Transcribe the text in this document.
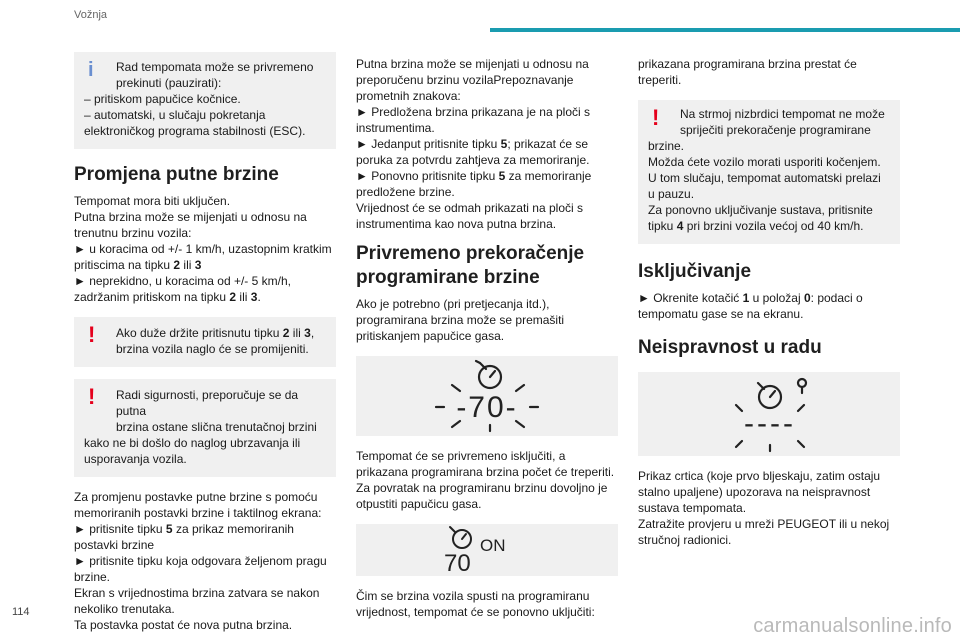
Vožnja
i	Rad tempomata može se privremeno

prekinuti (pauzirati):

– pritiskom papučice kočnice.

– automatski, u slučaju pokretanja

elektroničkog programa stabilnosti (ESC).

Promjena putne brzine

Tempomat mora biti uključen.

Putna brzina može se mijenjati u odnosu na

trenutnu brzinu vozila:

► u koracima od +/- 1 km/h, uzastopnim kratkim

pritiscima na tipku 2 ili 3

► neprekidno, u koracima od +/- 5 km/h,

zadržanim pritiskom na tipku 2 ili 3.

!	Ako duže držite pritisnutu tipku 2 ili 3,

brzina vozila naglo će se promijeniti.

!	Radi sigurnosti, preporučuje se da putna

brzina ostane slična trenutačnoj brzini

kako ne bi došlo do naglog ubrzavanja ili

usporavanja vozila.

Za promjenu postavke putne brzine s pomoću

memoriranih postavki brzine i taktilnog ekrana:

► pritisnite tipku 5 za prikaz memoriranih

postavki brzine

► pritisnite tipku koja odgovara željenom pragu

brzine.

Ekran s vrijednostima brzina zatvara se nakon

nekoliko trenutaka.

Ta postavka postat će nova putna brzina.

Putna brzina može se mijenjati u odnosu na

preporučenu brzinu vozilaPrepoznavanje

prometnih znakova:

► Predložena brzina prikazana je na ploči s

instrumentima.

► Jedanput pritisnite tipku 5; prikazat će se

poruka za potvrdu zahtjeva za memoriranje.

► Ponovno pritisnite tipku 5 za memoriranje

predložene brzine.

Vrijednost će se odmah prikazati na ploči s

instrumentima kao nova putna brzina.

Privremeno prekoračenje programirane brzine

Ako je potrebno (pri pretjecanja itd.),

programirana brzina može se premašiti

pritiskanjem papučice gasa.

-70-

Tempomat će se privremeno isključiti, a

prikazana programirana brzina počet će treperiti.

Za povratak na programiranu brzinu dovoljno je

otpustiti papučicu gasa.

ON
70

Čim se brzina vozila spusti na programiranu

vrijednost, tempomat će se ponovno uključiti:

prikazana programirana brzina prestat će

treperiti.

!	Na strmoj nizbrdici tempomat ne može

spriječiti prekoračenje programirane

brzine.

Možda ćete vozilo morati usporiti kočenjem.

U tom slučaju, tempomat automatski prelazi

u pauzu.

Za ponovno uključivanje sustava, pritisnite

tipku 4 pri brzini vozila većoj od 40 km/h.

Isključivanje

► Okrenite kotačić 1 u položaj 0: podaci o

tempomatu gase se na ekranu.

Neispravnost u radu
----

Prikaz crtica (koje prvo bljeskaju, zatim ostaju

stalno upaljene) upozorava na neispravnost

sustava tempomata.

Zatražite provjeru u mreži PEUGEOT ili u nekoj

stručnoj radionici.

114
carmanualsonline.info
